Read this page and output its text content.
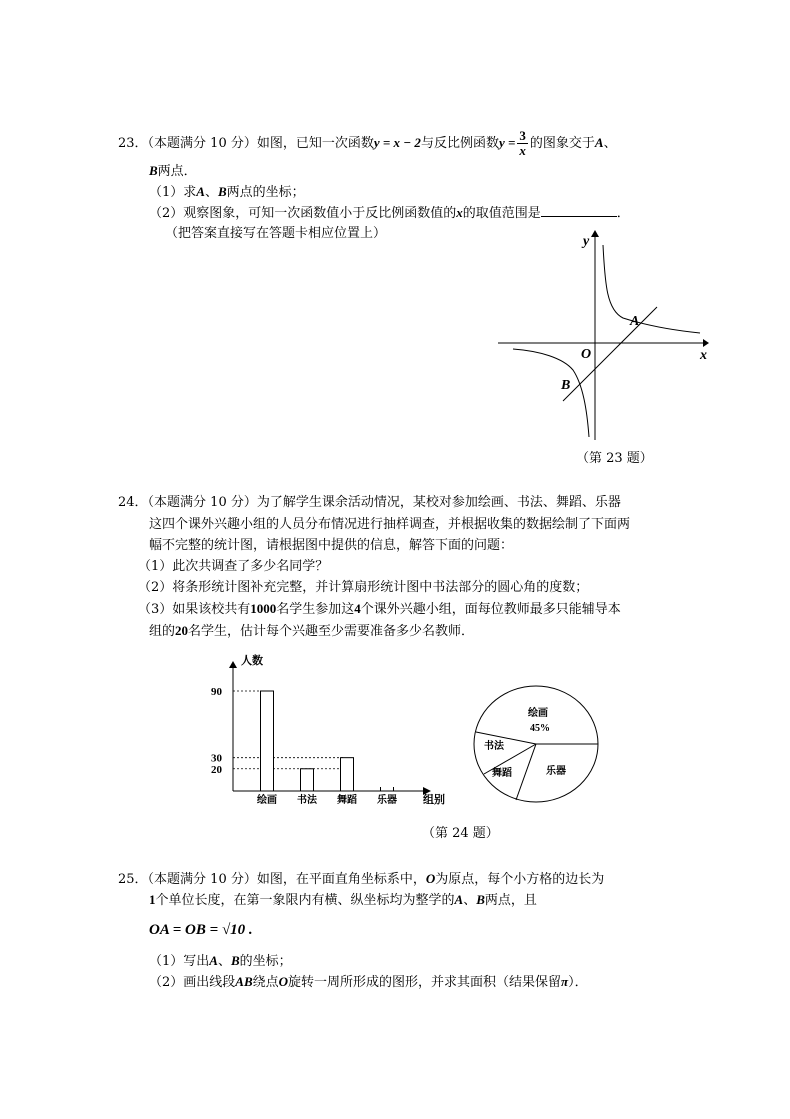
23．（本题满分 10 分）如图，已知一次函数y = x − 2与反比例函数$y = \frac{3}{x}$ 的图象交于A、
B两点．
（1）求A、B两点的坐标；
（2）观察图象，可知一次函数值小于反比例函数值的x的取值范围是	．
（把答案直接写在答题卡相应位置上）
y
x
O
A
B
（第 23 题）
24．（本题满分 10 分）为了解学生课余活动情况，某校对参加绘画、书法、舞蹈、乐器
这四个课外兴趣小组的人员分布情况进行抽样调查，并根据收集的数据绘制了下面两
幅不完整的统计图，请根据图中提供的信息，解答下面的问题：
（1）此次共调查了多少名同学？
（2）将条形统计图补充完整，并计算扇形统计图中书法部分的圆心角的度数；
（3）如果该校共有1000名学生参加这4个课外兴趣小组，面每位教师最多只能辅导本
组的20名学生，估计每个兴趣至少需要准备多少名教师．
人数
组别
90
30
20
绘画 书法 舞蹈 乐器
绘画
45%
书法
舞蹈	乐器
（第 24 题）
25．（本题满分 10 分）如图，在平面直角坐标系中，O为原点，每个小方格的边长为
1个单位长度，在第一象限内有横、纵坐标均为整学的A、B两点，且
OA = OB = √10 .
（1）写出A、B的坐标；
（2）画出线段AB绕点O旋转一周所形成的图形，并求其面积（结果保留π）．
